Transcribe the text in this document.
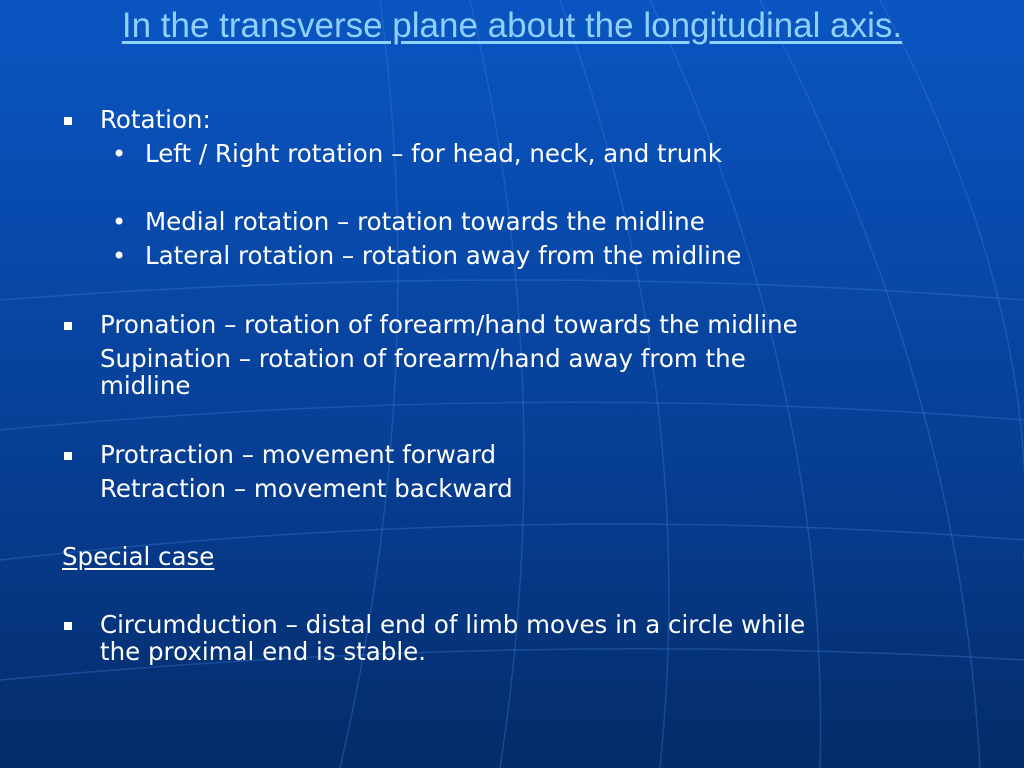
In the transverse plane about the longitudinal axis.
Rotation:
• Left / Right rotation – for head, neck, and trunk
• Medial rotation – rotation towards the midline
• Lateral rotation – rotation away from the midline
Pronation – rotation of forearm/hand towards the midline
Supination – rotation of forearm/hand away from the
midline
Protraction – movement forward
Retraction – movement backward
Special case
Circumduction – distal end of limb moves in a circle while
the proximal end is stable.
